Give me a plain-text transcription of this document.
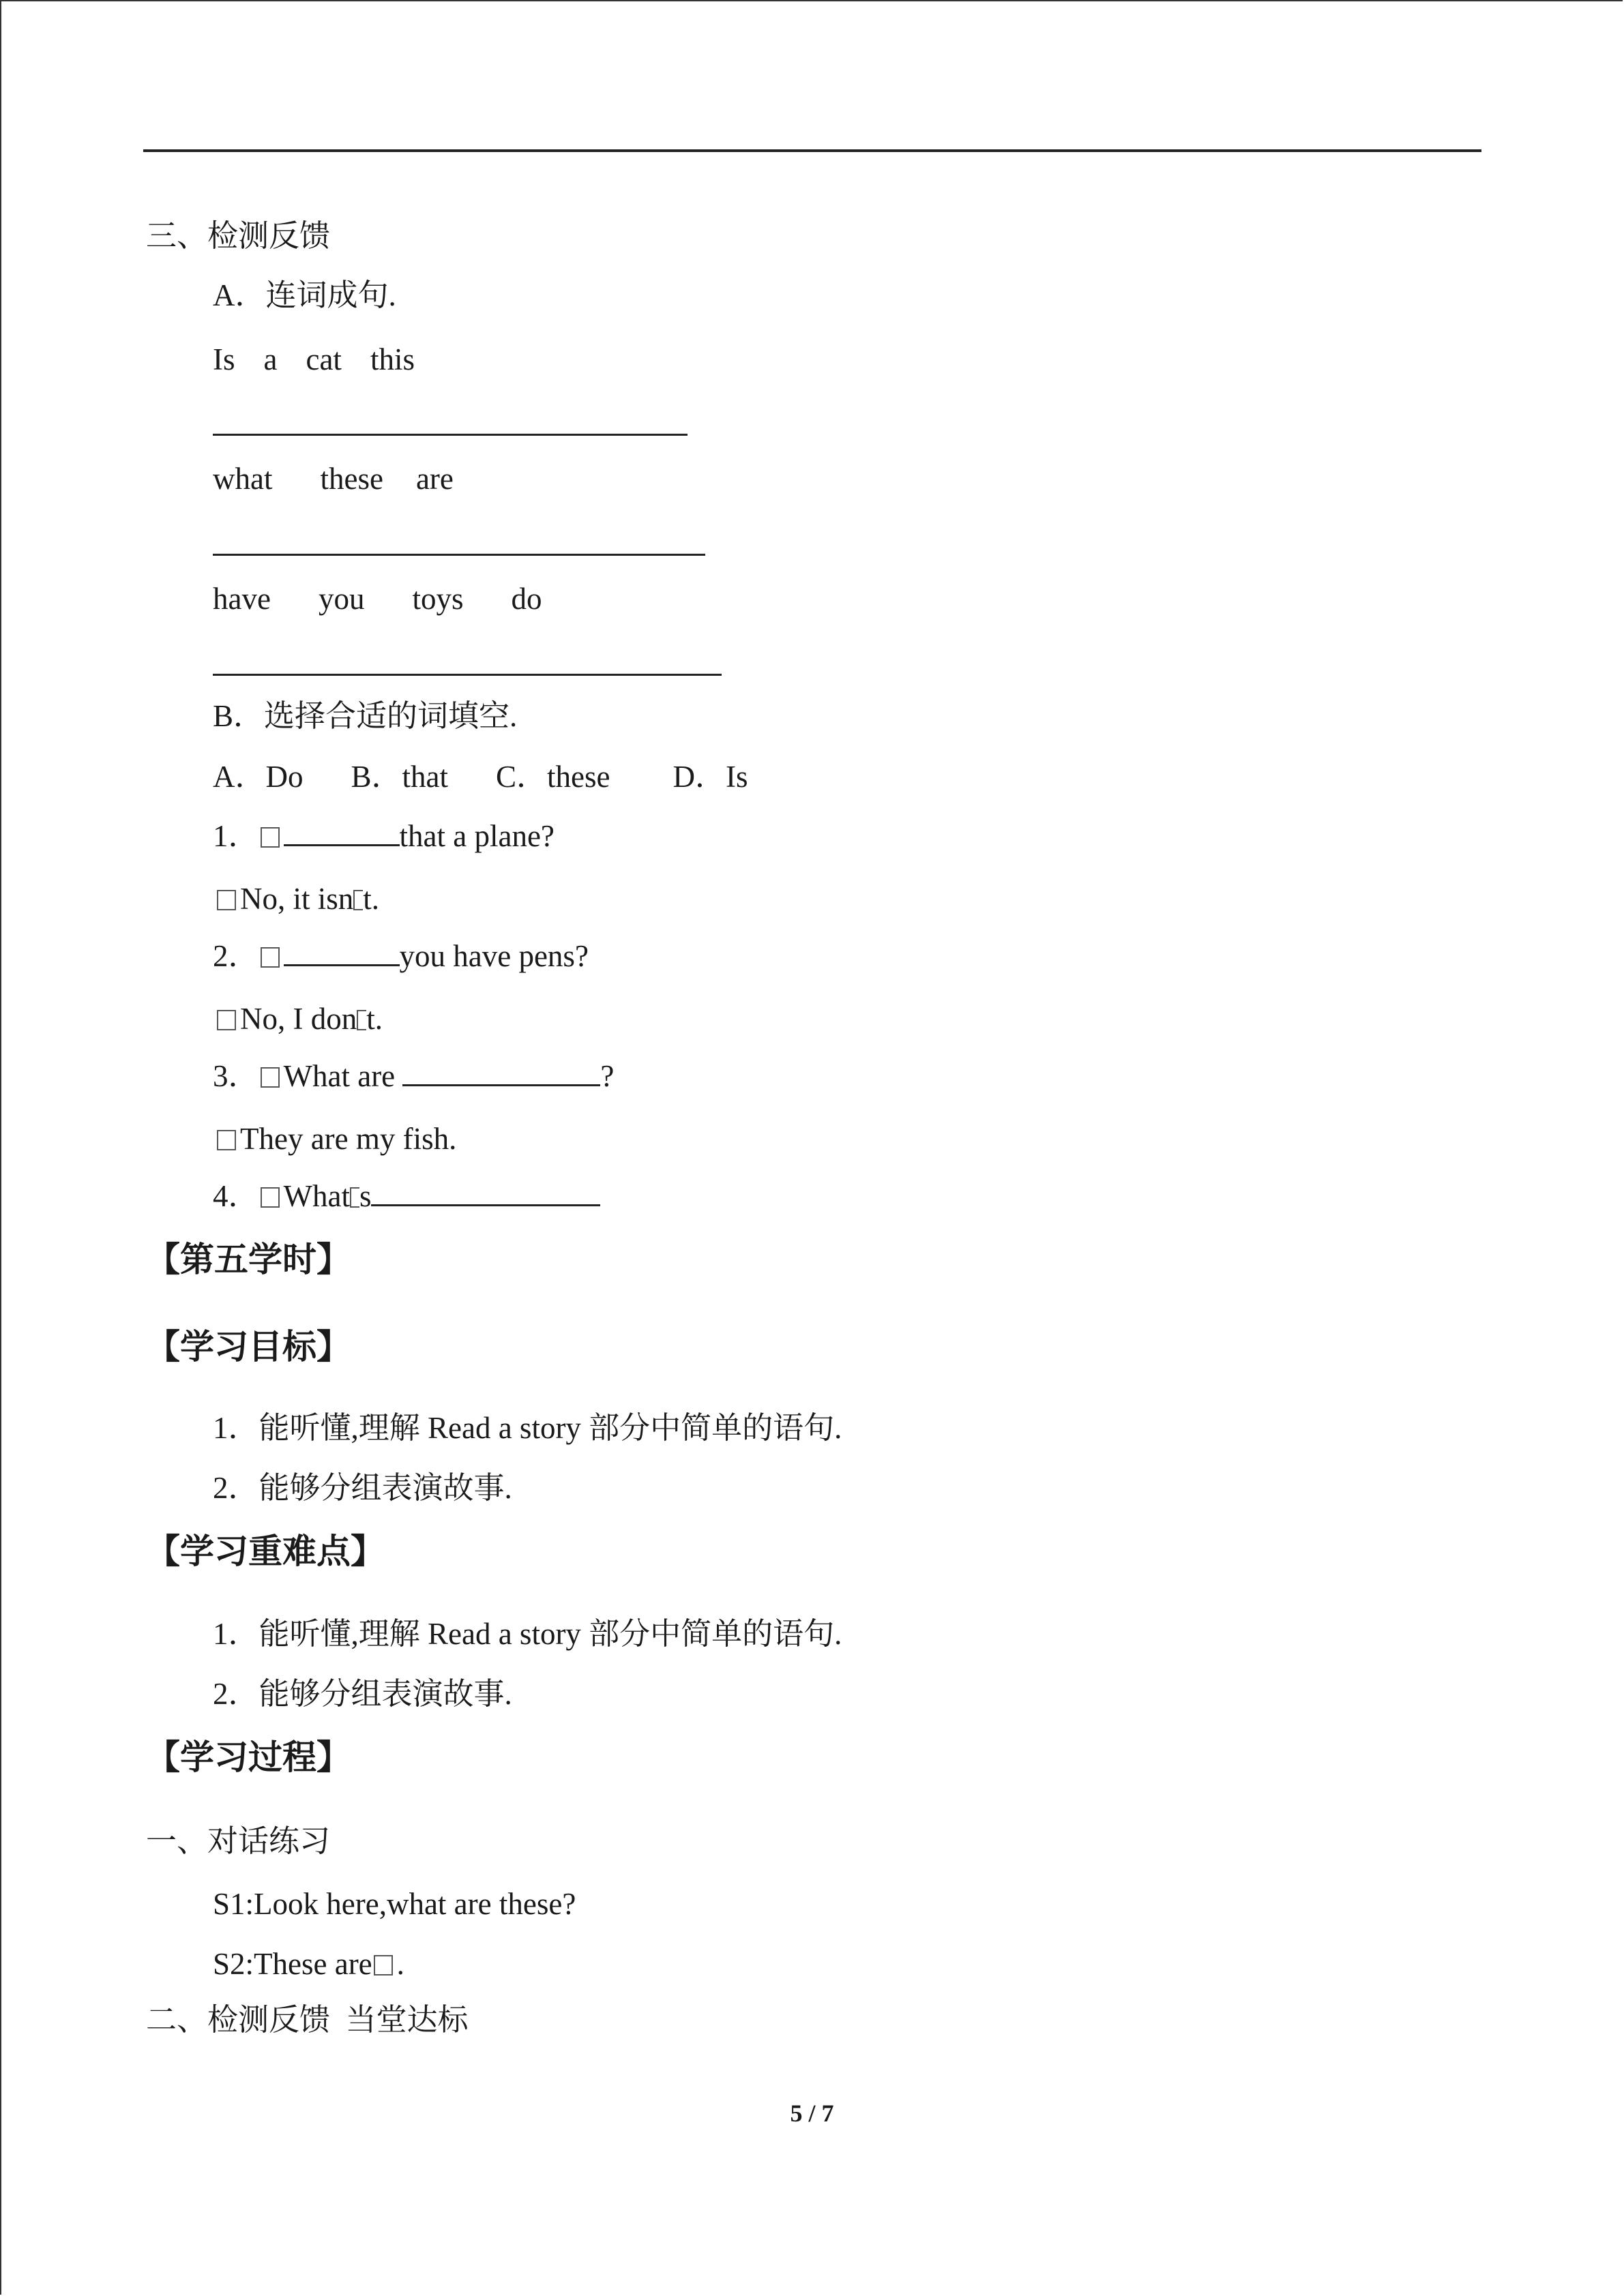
三、检测反馈
A．连词成句.
Is a cat this
what these are
have you toys do
B．选择合适的词填空.
A．Do B．that C．these D．Is
1．	that a plane?
No, it isn t.
2．	you have pens?
No, I don t.
3． What are	?
They are my fish.
4． What s
【第五学时】
【学习目标】
1．能听懂,理解 Read a story 部分中简单的语句.
2．能够分组表演故事.
【学习重难点】
1．能听懂,理解 Read a story 部分中简单的语句.
2．能够分组表演故事.
【学习过程】
一、对话练习
S1:Look here,what are these?
S2:These are .
二、检测反馈  当堂达标
5 / 7
